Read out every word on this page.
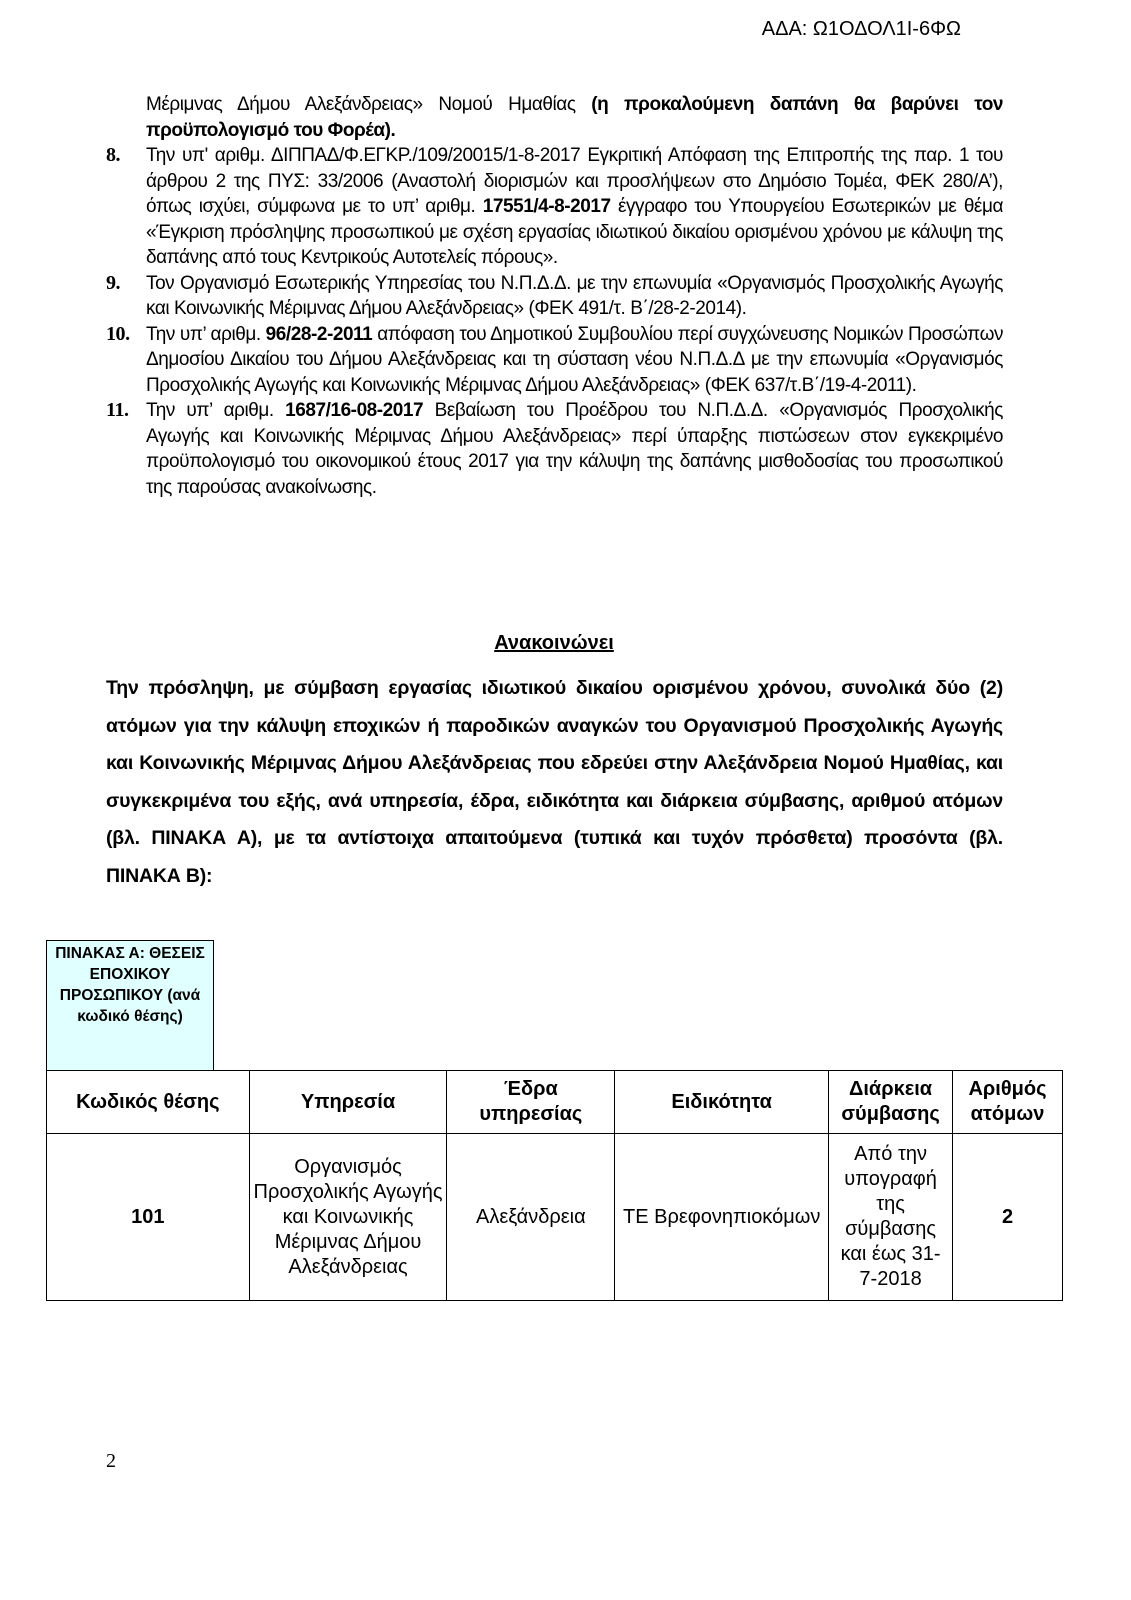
ΑΔΑ: Ω1ΟΔΟΛ1Ι-6ΦΩ
Μέριμνας Δήμου Αλεξάνδρειας» Νομού Ημαθίας (η προκαλούμενη δαπάνη θα βαρύνει τον προϋπολογισμό του Φορέα).
8.	Την υπ' αριθμ. ΔΙΠΠΑΔ/Φ.ΕΓΚΡ./109/20015/1-8-2017 Εγκριτική Απόφαση της Επιτροπής της παρ. 1 του άρθρου 2 της ΠΥΣ: 33/2006 (Αναστολή διορισμών και προσλήψεων στο Δημόσιο Τομέα, ΦΕΚ 280/Α’), όπως ισχύει, σύμφωνα με το υπ’ αριθμ. 17551/4-8-2017 έγγραφο του Υπουργείου Εσωτερικών με θέμα «Έγκριση πρόσληψης προσωπικού με σχέση εργασίας ιδιωτικού δικαίου ορισμένου χρόνου με κάλυψη της δαπάνης από τους Κεντρικούς Αυτοτελείς πόρους».
9.	Τον Οργανισμό Εσωτερικής Υπηρεσίας του Ν.Π.Δ.Δ. με την επωνυμία «Οργανισμός Προσχολικής Αγωγής και Κοινωνικής Μέριμνας Δήμου Αλεξάνδρειας» (ΦΕΚ 491/τ. Β΄/28-2-2014).
10. Την υπ’ αριθμ. 96/28-2-2011 απόφαση του Δημοτικού Συμβουλίου περί συγχώνευσης Νομικών Προσώπων Δημοσίου Δικαίου του Δήμου Αλεξάνδρειας και τη σύσταση νέου Ν.Π.Δ.Δ με την επωνυμία «Οργανισμός Προσχολικής Αγωγής και Κοινωνικής Μέριμνας Δήμου Αλεξάνδρειας» (ΦΕΚ 637/τ.Β΄/19-4-2011).
11. Την υπ’ αριθμ. 1687/16-08-2017 Βεβαίωση του Προέδρου του Ν.Π.Δ.Δ. «Οργανισμός Προσχολικής Αγωγής και Κοινωνικής Μέριμνας Δήμου Αλεξάνδρειας» περί ύπαρξης πιστώσεων στον εγκεκριμένο προϋπολογισμό του οικονομικού έτους 2017 για την κάλυψη της δαπάνης μισθοδοσίας του προσωπικού της παρούσας ανακοίνωσης.
Ανακοινώνει
Την πρόσληψη, με σύμβαση εργασίας ιδιωτικού δικαίου ορισμένου χρόνου, συνολικά δύο (2) ατόμων για την κάλυψη εποχικών ή παροδικών αναγκών του Οργανισμού Προσχολικής Αγωγής και Κοινωνικής Μέριμνας Δήμου Αλεξάνδρειας που εδρεύει στην Αλεξάνδρεια Νομού Ημαθίας, και συγκεκριμένα του εξής, ανά υπηρεσία, έδρα, ειδικότητα και διάρκεια σύμβασης, αριθμού ατόμων (βλ. ΠΙΝΑΚΑ Α), με τα αντίστοιχα απαιτούμενα (τυπικά και τυχόν πρόσθετα) προσόντα (βλ. ΠΙΝΑΚΑ Β):
ΠΙΝΑΚΑΣ Α: ΘΕΣΕΙΣ ΕΠΟΧΙΚΟΥ ΠΡΟΣΩΠΙΚΟΥ (ανά κωδικό θέσης)
Κωδικός θέσης	Υπηρεσία	Έδρα υπηρεσίας	Ειδικότητα	Διάρκεια σύμβασης	Αριθμός ατόμων
101	Οργανισμός Προσχολικής Αγωγής και Κοινωνικής Μέριμνας Δήμου Αλεξάνδρειας	Αλεξάνδρεια	ΤΕ Βρεφονηπιοκόμων	Από την υπογραφή της σύμβασης και έως 31-7-2018	2
2
